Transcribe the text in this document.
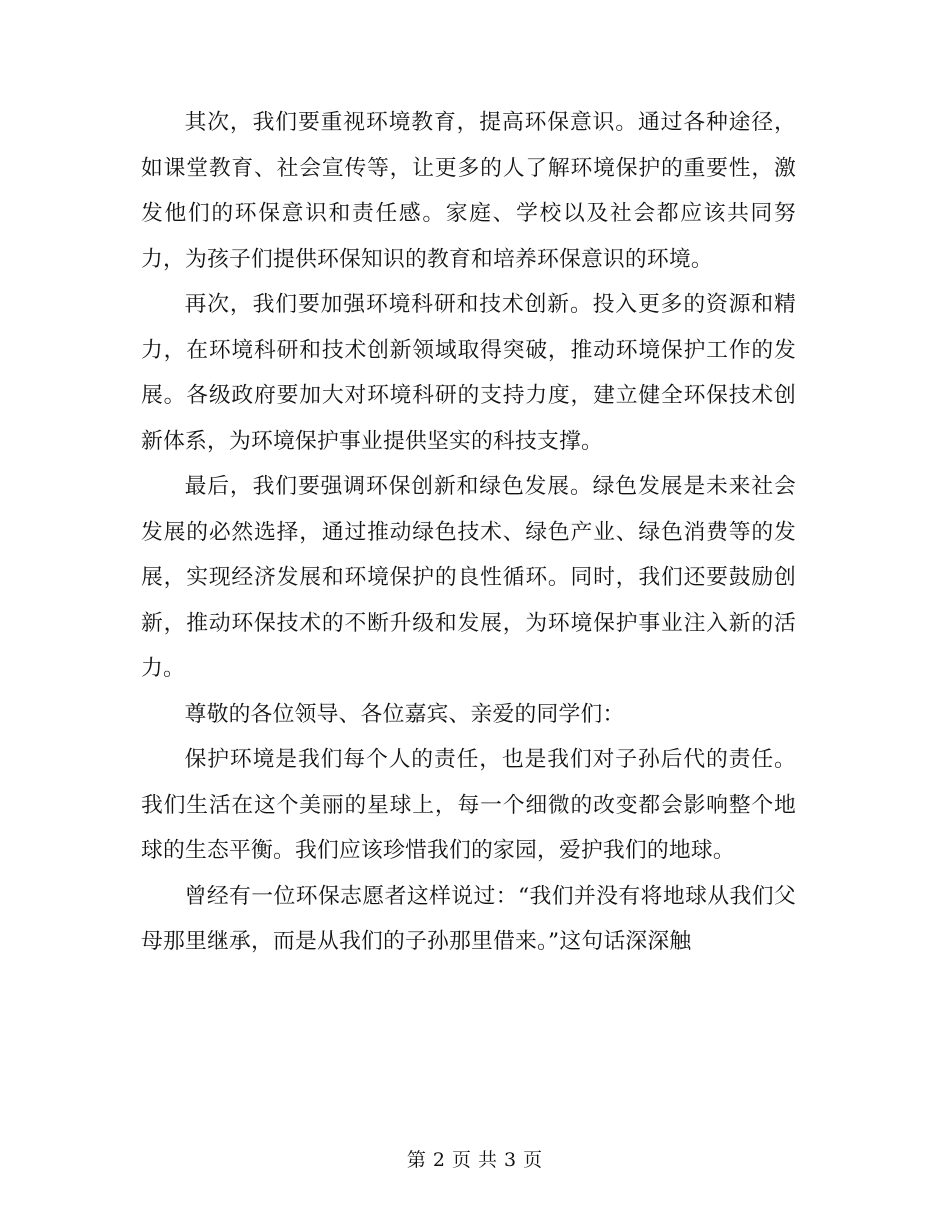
其次，我们要重视环境教育，提高环保意识。通过各种途径，如课堂教育、社会宣传等，让更多的人了解环境保护的重要性，激发他们的环保意识和责任感。家庭、学校以及社会都应该共同努力，为孩子们提供环保知识的教育和培养环保意识的环境。

再次，我们要加强环境科研和技术创新。投入更多的资源和精力，在环境科研和技术创新领域取得突破，推动环境保护工作的发展。各级政府要加大对环境科研的支持力度，建立健全环保技术创新体系，为环境保护事业提供坚实的科技支撑。

最后，我们要强调环保创新和绿色发展。绿色发展是未来社会发展的必然选择，通过推动绿色技术、绿色产业、绿色消费等的发展，实现经济发展和环境保护的良性循环。同时，我们还要鼓励创新，推动环保技术的不断升级和发展，为环境保护事业注入新的活力。

尊敬的各位领导、各位嘉宾、亲爱的同学们：

保护环境是我们每个人的责任，也是我们对子孙后代的责任。我们生活在这个美丽的星球上，每一个细微的改变都会影响整个地球的生态平衡。我们应该珍惜我们的家园，爱护我们的地球。

曾经有一位环保志愿者这样说过：“我们并没有将地球从我们父母那里继承，而是从我们的子孙那里借来。”这句话深深触

第 2 页 共 3 页
